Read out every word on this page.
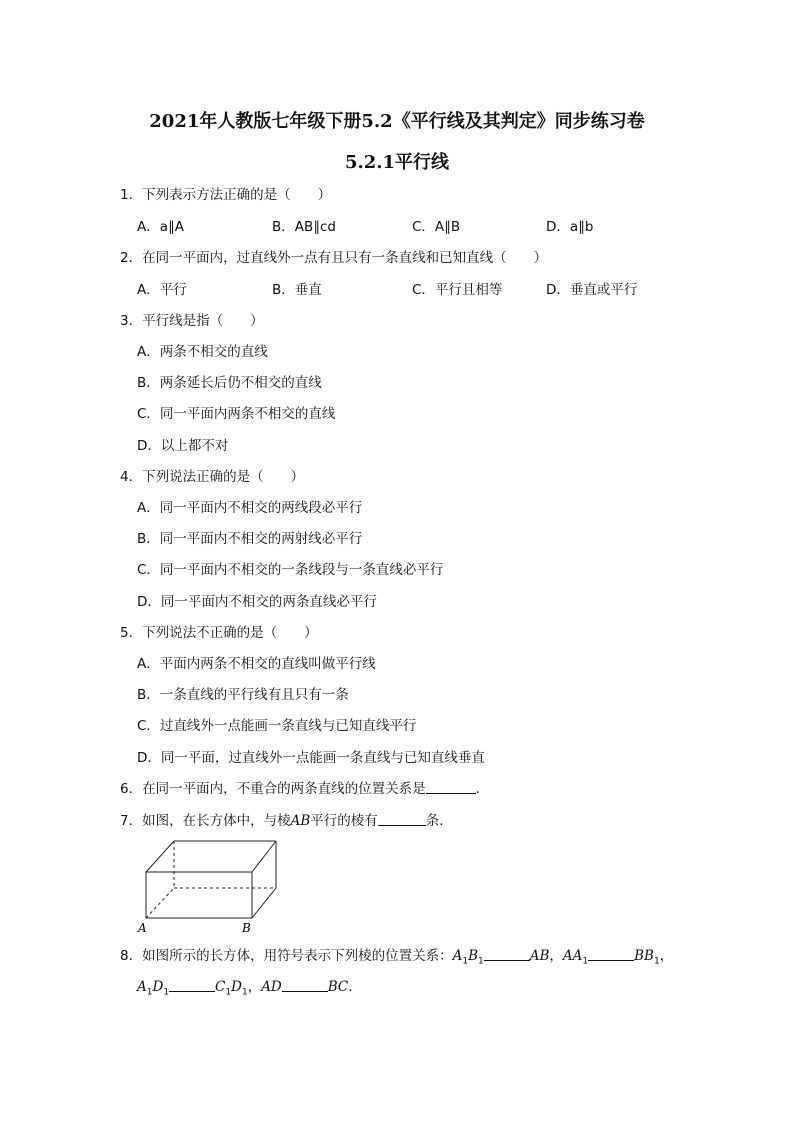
2021年人教版七年级下册5.2《平行线及其判定》同步练习卷
5.2.1平行线
1．下列表示方法正确的是（　　）
A．a∥A	B．AB∥cd	C．A∥B	D．a∥b
2．在同一平面内，过直线外一点有且只有一条直线和已知直线（　　）
A．平行	B．垂直	C．平行且相等	D．垂直或平行
3．平行线是指（　　）
A．两条不相交的直线
B．两条延长后仍不相交的直线
C．同一平面内两条不相交的直线
D．以上都不对
4．下列说法正确的是（　　）
A．同一平面内不相交的两线段必平行
B．同一平面内不相交的两射线必平行
C．同一平面内不相交的一条线段与一条直线必平行
D．同一平面内不相交的两条直线必平行
5．下列说法不正确的是（　　）
A．平面内两条不相交的直线叫做平行线
B．一条直线的平行线有且只有一条
C．过直线外一点能画一条直线与已知直线平行
D．同一平面，过直线外一点能画一条直线与已知直线垂直
6．在同一平面内，不重合的两条直线的位置关系是	．
7．如图，在长方体中，与棱AB平行的棱有	条．
A	B
8．如图所示的长方体，用符号表示下列棱的位置关系：$A_1B_1$	AB，$AA_1$	$BB_1$，
$A_1D_1$	$C_1D_1$，AD	BC．
